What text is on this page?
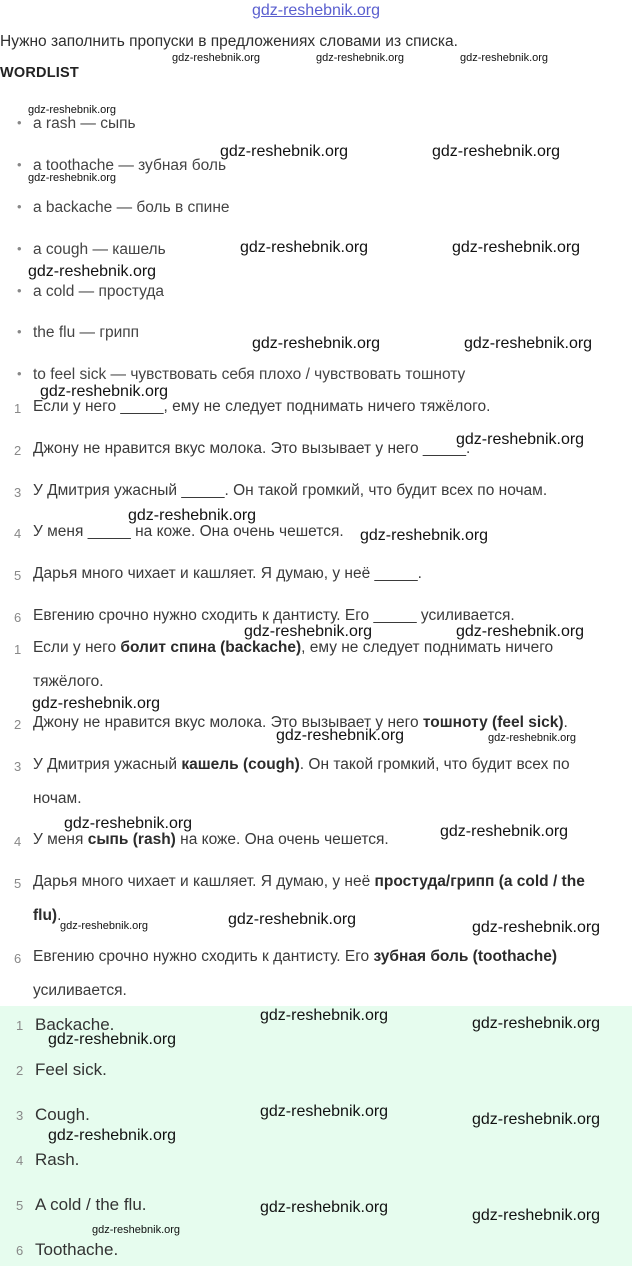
gdz-reshebnik.org
Нужно заполнить пропуски в предложениях словами из списка.
WORDLIST
• a rash — сыпь
• a toothache — зубная боль
• a backache — боль в спине
• a cough — кашель
• a cold — простуда
• the flu — грипп
• to feel sick — чувствовать себя плохо / чувствовать тошноту
1 Если у него _____, ему не следует поднимать ничего тяжёлого.
2 Джону не нравится вкус молока. Это вызывает у него _____.
3 У Дмитрия ужасный _____. Он такой громкий, что будит всех по ночам.
4 У меня _____ на коже. Она очень чешется.
5 Дарья много чихает и кашляет. Я думаю, у неё _____.
6 Евгению срочно нужно сходить к дантисту. Его _____ усиливается.
1 Если у него болит спина (backache), ему не следует поднимать ничего
тяжёлого.
2 Джону не нравится вкус молока. Это вызывает у него тошноту (feel sick).
3 У Дмитрия ужасный кашель (cough). Он такой громкий, что будит всех по
ночам.
4 У меня сыпь (rash) на коже. Она очень чешется.
5 Дарья много чихает и кашляет. Я думаю, у неё простуда/грипп (a cold / the
flu).
6 Евгению срочно нужно сходить к дантисту. Его зубная боль (toothache)
усиливается.
1 Backache.
2 Feel sick.
3 Cough.
4 Rash.
5 A cold / the flu.
6 Toothache.
gdz-reshebnik.org	gdz-reshebnik.org	gdz-reshebnik.org
gdz-reshebnik.org
gdz-reshebnik.org	gdz-reshebnik.org
gdz-reshebnik.org
gdz-reshebnik.org	gdz-reshebnik.org
gdz-reshebnik.org
gdz-reshebnik.org	gdz-reshebnik.org
gdz-reshebnik.org
gdz-reshebnik.org
gdz-reshebnik.org
gdz-reshebnik.org
gdz-reshebnik.org	gdz-reshebnik.org
gdz-reshebnik.org
gdz-reshebnik.org	gdz-reshebnik.org
gdz-reshebnik.org	gdz-reshebnik.org
gdz-reshebnik.org
gdz-reshebnik.org	gdz-reshebnik.org
gdz-reshebnik.org	gdz-reshebnik.org
gdz-reshebnik.org
gdz-reshebnik.org	gdz-reshebnik.org
gdz-reshebnik.org
gdz-reshebnik.org	gdz-reshebnik.org
gdz-reshebnik.org
